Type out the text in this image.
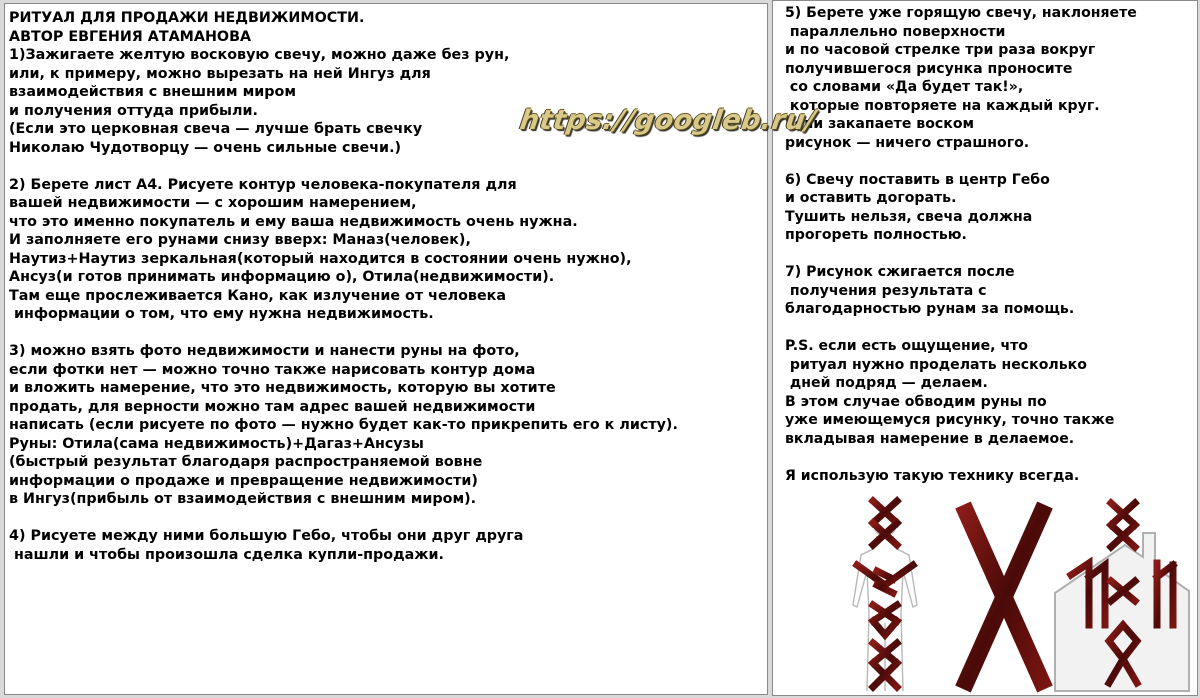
РИТУАЛ ДЛЯ ПРОДАЖИ НЕДВИЖИМОСТИ.
АВТОР ЕВГЕНИЯ АТАМАНОВА
1)Зажигаете желтую восковую свечу, можно даже без рун,
или, к примеру, можно вырезать на ней Ингуз для
взаимодействия с внешним миром
и получения оттуда прибыли.
(Если это церковная свеча — лучше брать свечку
Николаю Чудотворцу — очень сильные свечи.)
2) Берете лист А4. Рисуете контур человека-покупателя для
вашей недвижимости — с хорошим намерением,
что это именно покупатель и ему ваша недвижимость очень нужна.
И заполняете его рунами снизу вверх: Маназ(человек),
Наутиз+Наутиз зеркальная(который находится в состоянии очень нужно),
Ансуз(и готов принимать информацию о), Отила(недвижимости).
Там еще прослеживается Кано, как излучение от человека
информации о том, что ему нужна недвижимость.
3) можно взять фото недвижимости и нанести руны на фото,
если фотки нет — можно точно также нарисовать контур дома
и вложить намерение, что это недвижимость, которую вы хотите
продать, для верности можно там адрес вашей недвижимости
написать (если рисуете по фото — нужно будет как-то прикрепить его к листу).
Руны: Отила(сама недвижимость)+Дагаз+Ансузы
(быстрый результат благодаря распространяемой вовне
информации о продаже и превращение недвижимости)
в Ингуз(прибыль от взаимодействия с внешним миром).
4) Рисуете между ними большую Гебо, чтобы они друг друга
нашли и чтобы произошла сделка купли-продажи.
5) Берете уже горящую свечу, наклоняете
параллельно поверхности
и по часовой стрелке три раза вокруг
получившегося рисунка проносите
со словами «Да будет так!»,
которые повторяете на каждый круг.
Если закапаете воском
рисунок — ничего страшного.
6) Свечу поставить в центр Гебо
и оставить догорать.
Тушить нельзя, свеча должна
прогореть полностью.
7) Рисунок сжигается после
получения результата с
благодарностью рунам за помощь.
P.S. если есть ощущение, что
ритуал нужно проделать несколько
дней подряд — делаем.
В этом случае обводим руны по
уже имеющемуся рисунку, точно также
вкладывая намерение в делаемое.
Я использую такую технику всегда.
https://googleb.ru/
